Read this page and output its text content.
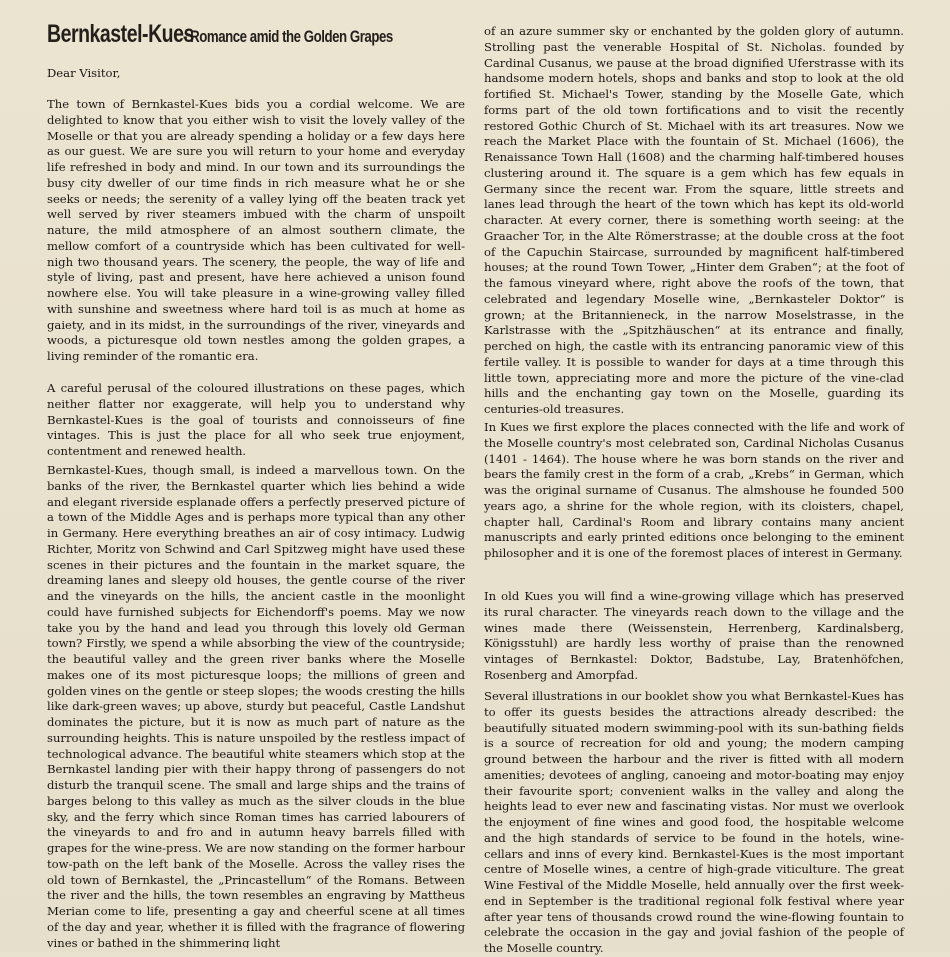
Bernkastel-Kues- Romance amid the Golden Grapes

Dear Visitor,

The town of Bernkastel-Kues bids you a cordial welcome. We are delighted to know that you either wish to visit the lovely valley of the Moselle or that you are already spending a holiday or a few days here as our guest. We are sure you will return to your home and everyday life refreshed in body and mind. In our town and its surroundings the busy city dweller of our time finds in rich measure what he or she seeks or needs; the serenity of a valley lying off the beaten track yet well served by river steamers imbued with the charm of unspoilt nature, the mild atmosphere of an almost southern climate, the mellow comfort of a countryside which has been cultivated for well-nigh two thousand years. The scenery, the people, the way of life and style of living, past and present, have here achieved a unison found nowhere else. You will take pleasure in a wine-growing valley filled with sunshine and sweetness where hard toil is as much at home as gaiety, and in its midst, in the surroundings of the river, vineyards and woods, a picturesque old town nestles among the golden grapes, a living reminder of the romantic era.

A careful perusal of the coloured illustrations on these pages, which neither flatter nor exaggerate, will help you to understand why Bernkastel-Kues is the goal of tourists and connoisseurs of fine vintages. This is just the place for all who seek true enjoyment, contentment and renewed health.

Bernkastel-Kues, though small, is indeed a marvellous town. On the banks of the river, the Bernkastel quarter which lies behind a wide and elegant riverside esplanade offers a perfectly preserved picture of a town of the Middle Ages and is perhaps more typical than any other in Germany. Here everything breathes an air of cosy intimacy. Ludwig Richter, Moritz von Schwind and Carl Spitzweg might have used these scenes in their pictures and the fountain in the market square, the dreaming lanes and sleepy old houses, the gentle course of the river and the vineyards on the hills, the ancient castle in the moonlight could have furnished subjects for Eichendorff's poems. May we now take you by the hand and lead you through this lovely old German town? Firstly, we spend a while absorbing the view of the countryside; the beautiful valley and the green river banks where the Moselle makes one of its most picturesque loops; the millions of green and golden vines on the gentle or steep slopes; the woods cresting the hills like dark-green waves; up above, sturdy but peaceful, Castle Landshut dominates the picture, but it is now as much part of nature as the surrounding heights. This is nature unspoiled by the restless impact of technological advance. The beautiful white steamers which stop at the Bernkastel landing pier with their happy throng of passengers do not disturb the tranquil scene. The small and large ships and the trains of barges belong to this valley as much as the silver clouds in the blue sky, and the ferry which since Roman times has carried labourers of the vineyards to and fro and in autumn heavy barrels filled with grapes for the wine-press. We are now standing on the former harbour tow-path on the left bank of the Moselle. Across the valley rises the old town of Bernkastel, the „Princastellum“ of the Romans. Between the river and the hills, the town resembles an engraving by Mattheus Merian come to life, presenting a gay and cheerful scene at all times of the day and year, whether it is filled with the fragrance of flowering vines or bathed in the shimmering light

of an azure summer sky or enchanted by the golden glory of autumn. Strolling past the venerable Hospital of St. Nicholas. founded by Cardinal Cusanus, we pause at the broad dignified Uferstrasse with its handsome modern hotels, shops and banks and stop to look at the old fortified St. Michael's Tower, standing by the Moselle Gate, which forms part of the old town fortifications and to visit the recently restored Gothic Church of St. Michael with its art treasures. Now we reach the Market Place with the fountain of St. Michael (1606), the Renaissance Town Hall (1608) and the charming half-timbered houses clustering around it. The square is a gem which has few equals in Germany since the recent war. From the square, little streets and lanes lead through the heart of the town which has kept its old-world character. At every corner, there is something worth seeing: at the Graacher Tor, in the Alte Römerstrasse; at the double cross at the foot of the Capuchin Staircase, surrounded by magnificent half-timbered houses; at the round Town Tower, „Hinter dem Graben“; at the foot of the famous vineyard where, right above the roofs of the town, that celebrated and legendary Moselle wine, „Bernkasteler Doktor“ is grown; at the Britannieneck, in the narrow Moselstrasse, in the Karlstrasse with the „Spitzhäuschen“ at its entrance and finally, perched on high, the castle with its entrancing panoramic view of this fertile valley. It is possible to wander for days at a time through this little town, appreciating more and more the picture of the vine-clad hills and the enchanting gay town on the Moselle, guarding its centuries-old treasures.

In Kues we first explore the places connected with the life and work of the Moselle country's most celebrated son, Cardinal Nicholas Cusanus (1401 - 1464). The house where he was born stands on the river and bears the family crest in the form of a crab, „Krebs“ in German, which was the original surname of Cusanus. The almshouse he founded 500 years ago, a shrine for the whole region, with its cloisters, chapel, chapter hall, Cardinal's Room and library contains many ancient manuscripts and early printed editions once belonging to the eminent philosopher and it is one of the foremost places of interest in Germany.

In old Kues you will find a wine-growing village which has preserved its rural character. The vineyards reach down to the village and the wines made there (Weissenstein, Herrenberg, Kardinalsberg, Königsstuhl) are hardly less worthy of praise than the renowned vintages of Bernkastel: Doktor, Badstube, Lay, Bratenhöfchen, Rosenberg and Amorpfad.

Several illustrations in our booklet show you what Bernkastel-Kues has to offer its guests besides the attractions already described: the beautifully situated modern swimming-pool with its sun-bathing fields is a source of recreation for old and young; the modern camping ground between the harbour and the river is fitted with all modern amenities; devotees of angling, canoeing and motor-boating may enjoy their favourite sport; convenient walks in the valley and along the heights lead to ever new and fascinating vistas. Nor must we overlook the enjoyment of fine wines and good food, the hospitable welcome and the high standards of service to be found in the hotels, wine-cellars and inns of every kind. Bernkastel-Kues is the most important centre of Moselle wines, a centre of high-grade viticulture. The great Wine Festival of the Middle Moselle, held annually over the first week-end in September is the traditional regional folk festival where year after year tens of thousands crowd round the wine-flowing fountain to celebrate the occasion in the gay and jovial fashion of the people of the Moselle country.
